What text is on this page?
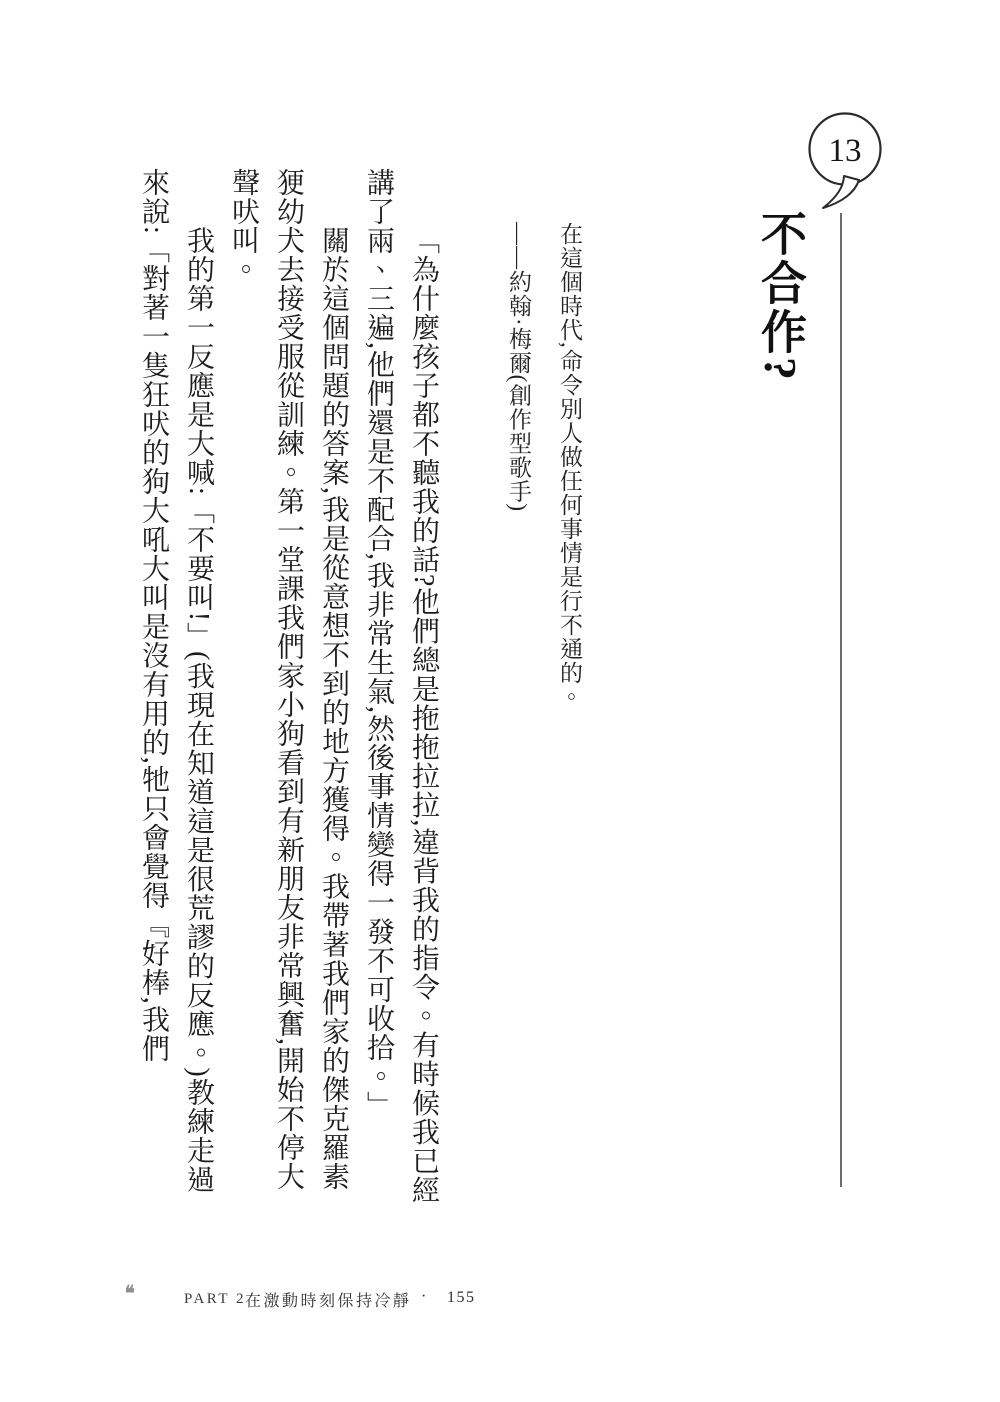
13
不合作?

在這個時代,命令別人做任何事情是行不通的。

——約翰·梅爾(創作型歌手)

「為什麼孩子都不聽我的話?他們總是拖拖拉拉,違背我的指令。有時候我已經講了兩、三遍,他們還是不配合,我非常生氣,然後事情變得一發不可收拾。」

關於這個問題的答案,我是從意想不到的地方獲得。我帶著我們家的傑克羅素㹴幼犬去接受服從訓練。第一堂課我們家小狗看到有新朋友非常興奮,開始不停大聲吠叫。

我的第一反應是大喊:「不要叫!」(我現在知道這是很荒謬的反應。)教練走過來說:「對著一隻狂吠的狗大吼大叫是沒有用的,牠只會覺得『好棒,我們

❛❛	PART 2
在激動時刻保持冷靜 · 155
